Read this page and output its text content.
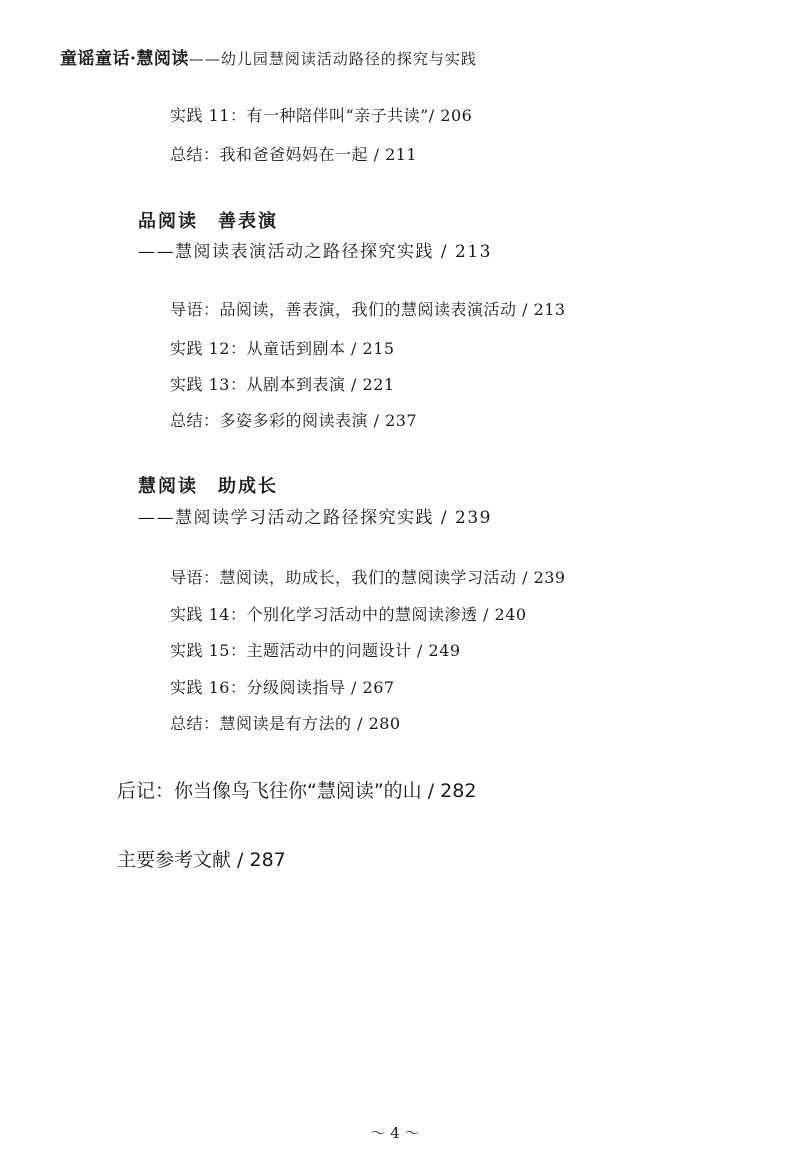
童谣童话·慧阅读——幼儿园慧阅读活动路径的探究与实践
实践 11：有一种陪伴叫“亲子共读”/ 206
总结：我和爸爸妈妈在一起 / 211
品阅读　善表演
——慧阅读表演活动之路径探究实践 / 213
导语：品阅读，善表演，我们的慧阅读表演活动 / 213
实践 12：从童话到剧本 / 215
实践 13：从剧本到表演 / 221
总结：多姿多彩的阅读表演 / 237
慧阅读　助成长
——慧阅读学习活动之路径探究实践 / 239
导语：慧阅读，助成长，我们的慧阅读学习活动 / 239
实践 14：个别化学习活动中的慧阅读渗透 / 240
实践 15：主题活动中的问题设计 / 249
实践 16：分级阅读指导 / 267
总结：慧阅读是有方法的 / 280
后记：你当像鸟飞往你“慧阅读”的山 / 282
主要参考文献 / 287
～ 4 ～
